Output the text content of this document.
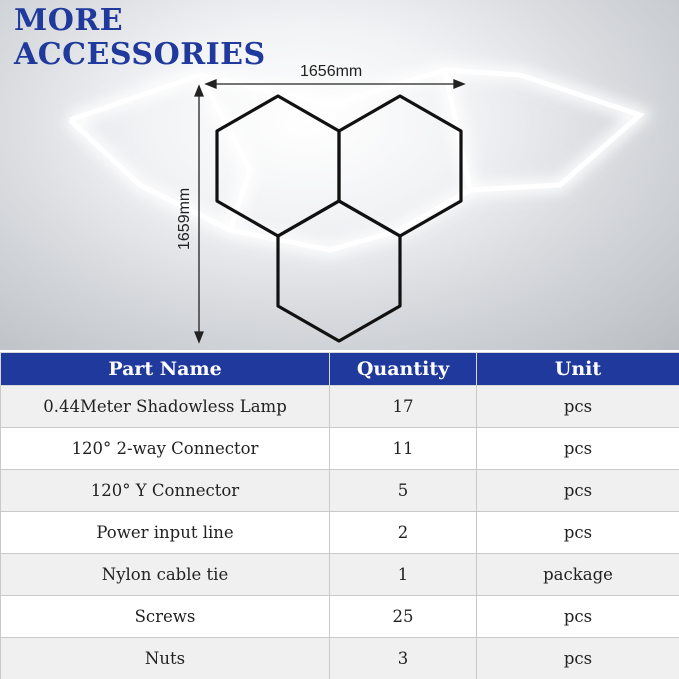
MORE
ACCESSORIES 1656mm
1659mm
Part Name	Quantity	Unit
0.44Meter Shadowless Lamp	17	pcs
120° 2-way Connector	11	pcs
120° Y Connector	5	pcs
Power input line	2	pcs
Nylon cable tie	1	package
Screws	25	pcs
Nuts	3	pcs
